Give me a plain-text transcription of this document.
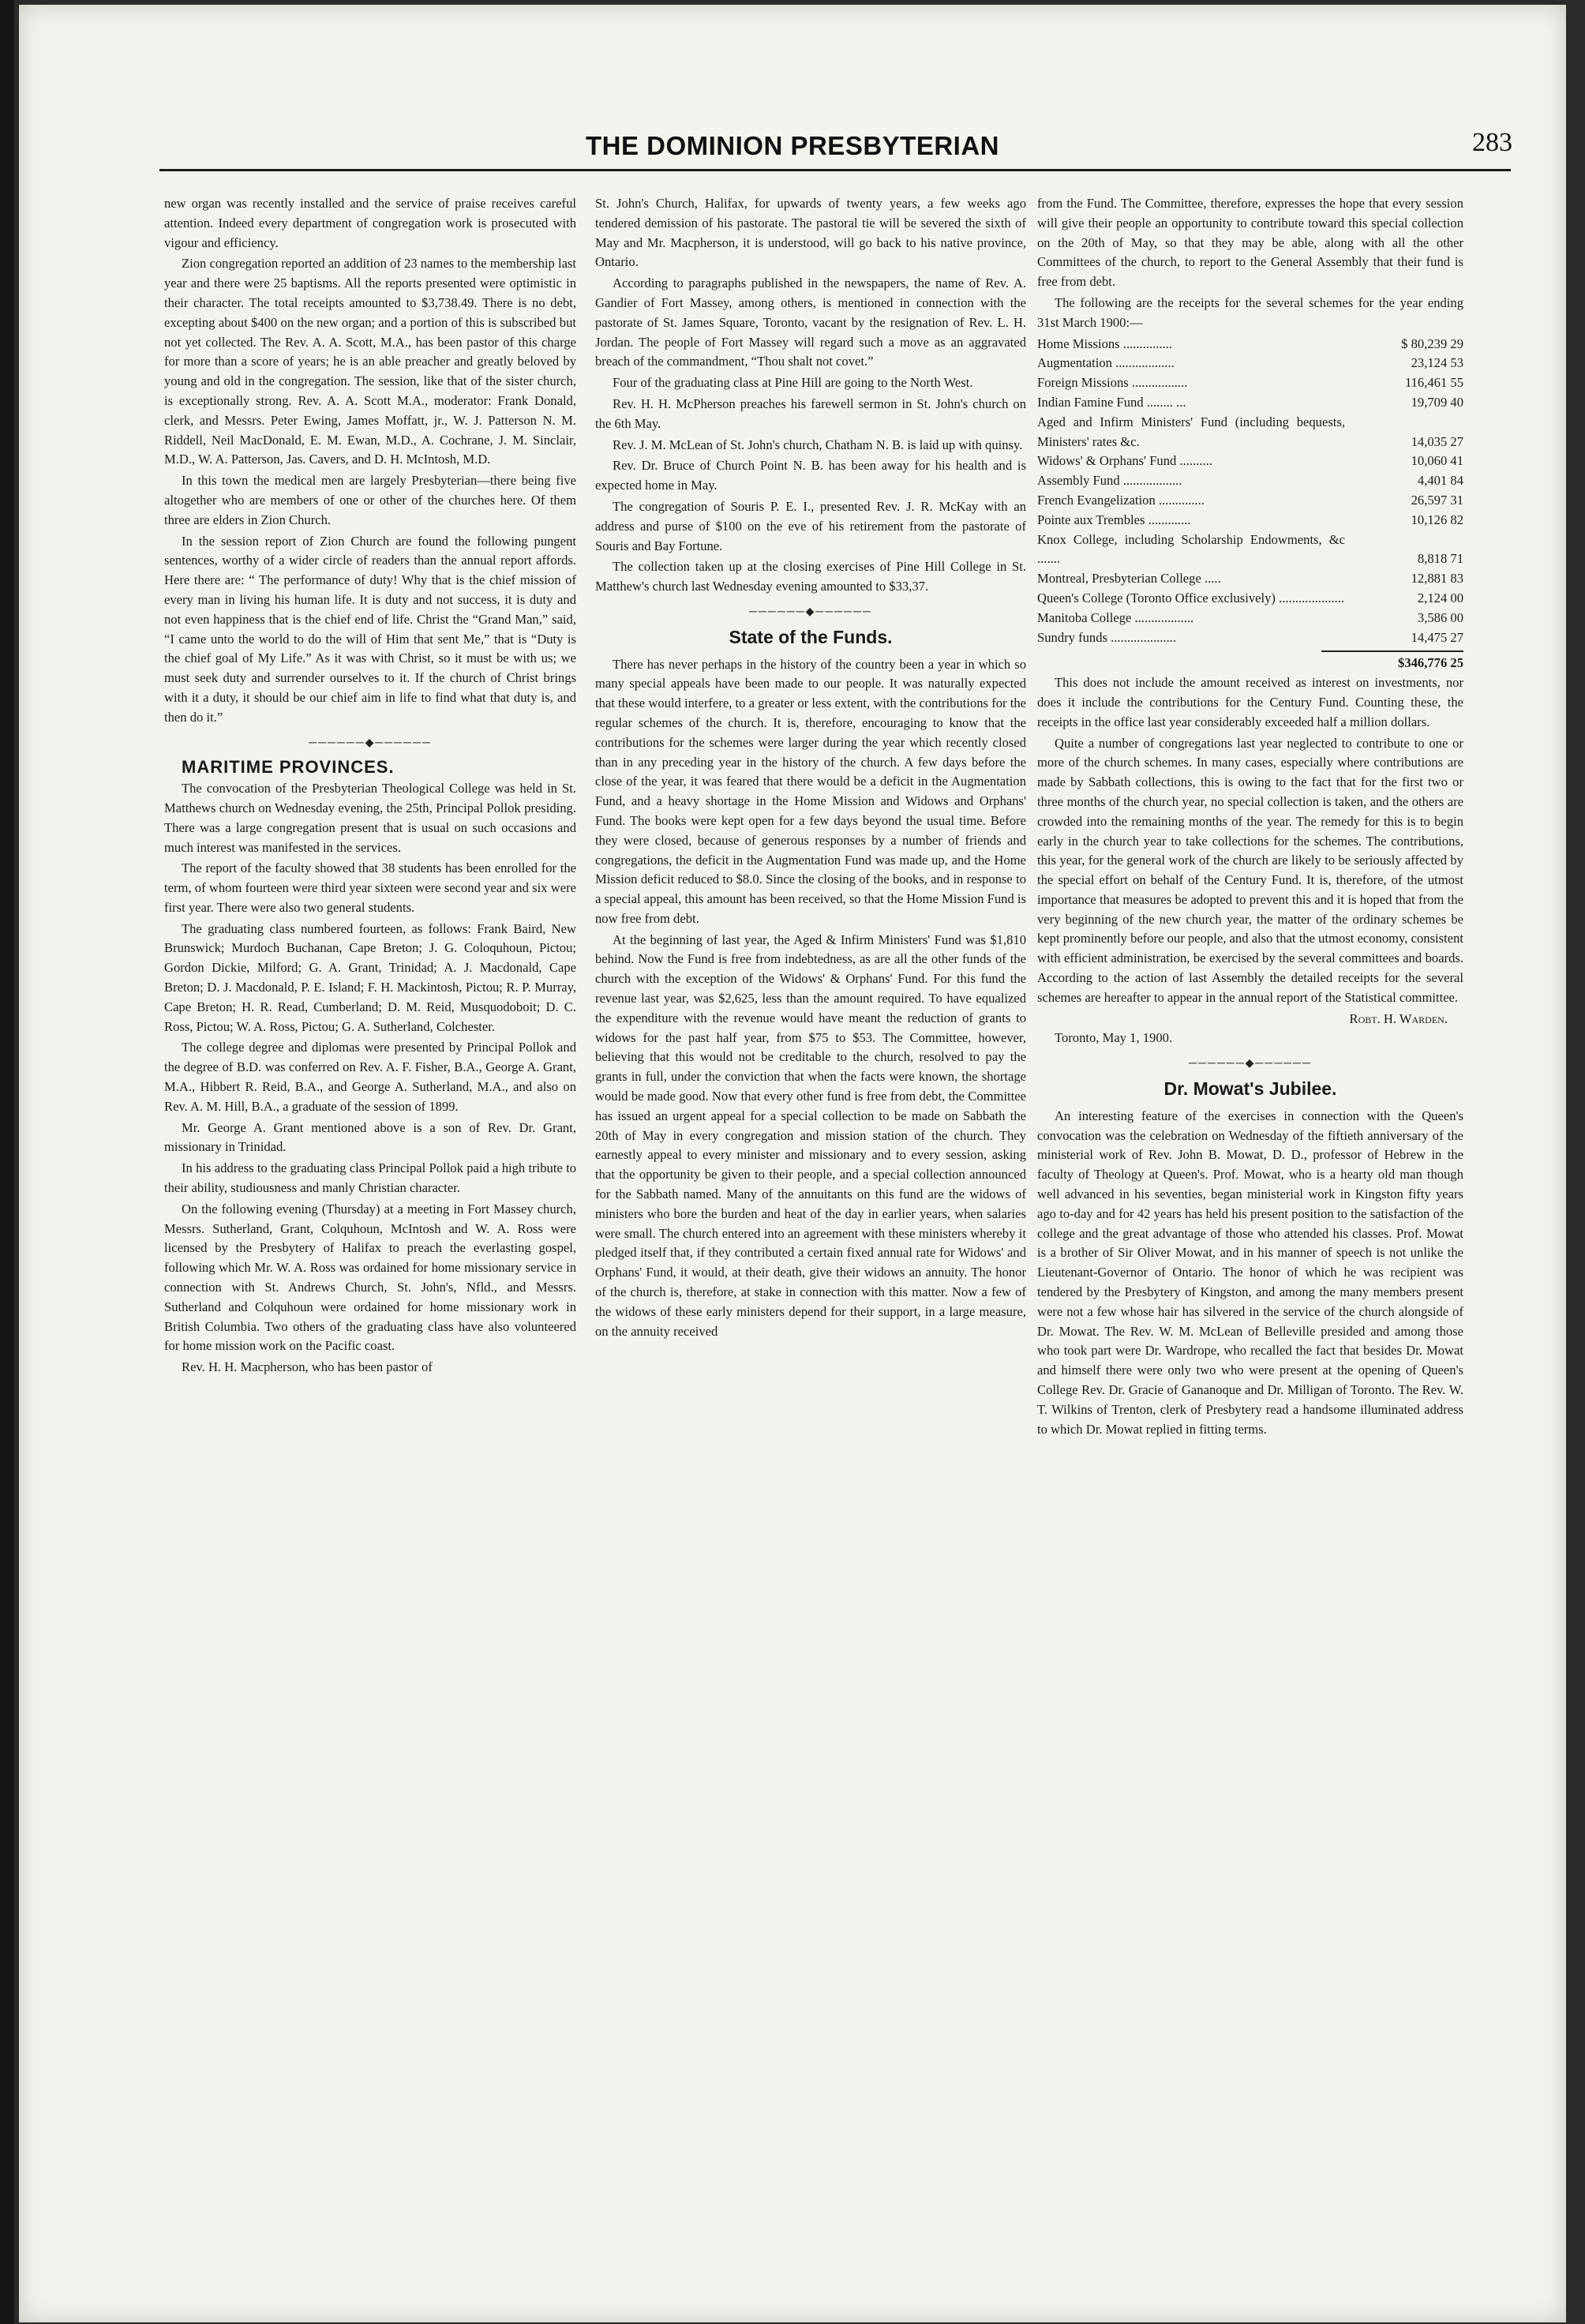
THE DOMINION PRESBYTERIAN	283

new organ was recently installed and the service of praise receives careful attention. Indeed every department of congregation work is prosecuted with vigour and efficiency.

Zion congregation reported an addition of 23 names to the membership last year and there were 25 baptisms. All the reports presented were optimistic in their character. The total receipts amounted to $3,738.49. There is no debt, excepting about $400 on the new organ; and a portion of this is subscribed but not yet collected. The Rev. A. A. Scott, M.A., has been pastor of this charge for more than a score of years; he is an able preacher and greatly beloved by young and old in the congregation. The session, like that of the sister church, is exceptionally strong. Rev. A. A. Scott M.A., moderator: Frank Donald, clerk, and Messrs. Peter Ewing, James Moffatt, jr., W. J. Patterson N. M. Riddell, Neil MacDonald, E. M. Ewan, M.D., A. Cochrane, J. M. Sinclair, M.D., W. A. Patterson, Jas. Cavers, and D. H. McIntosh, M.D.

In this town the medical men are largely Presbyterian—there being five altogether who are members of one or other of the churches here. Of them three are elders in Zion Church.

In the session report of Zion Church are found the following pungent sentences, worthy of a wider circle of readers than the annual report affords. Here there are: “ The performance of duty! Why that is the chief mission of every man in living his human life. It is duty and not success, it is duty and not even happiness that is the chief end of life. Christ the “Grand Man,” said, “I came unto the world to do the will of Him that sent Me,” that is “Duty is the chief goal of My Life.” As it was with Christ, so it must be with us; we must seek duty and surrender ourselves to it. If the church of Christ brings with it a duty, it should be our chief aim in life to find what that duty is, and then do it.”

──────◆──────

MARITIME PROVINCES.

The convocation of the Presbyterian Theological College was held in St. Matthews church on Wednesday evening, the 25th, Principal Pollok presiding. There was a large congregation present that is usual on such occasions and much interest was manifested in the services.

The report of the faculty showed that 38 students has been enrolled for the term, of whom fourteen were third year sixteen were second year and six were first year. There were also two general students.

The graduating class numbered fourteen, as follows: Frank Baird, New Brunswick; Murdoch Buchanan, Cape Breton; J. G. Coloquhoun, Pictou; Gordon Dickie, Milford; G. A. Grant, Trinidad; A. J. Macdonald, Cape Breton; D. J. Macdonald, P. E. Island; F. H. Mackintosh, Pictou; R. P. Murray, Cape Breton; H. R. Read, Cumberland; D. M. Reid, Musquodoboit; D. C. Ross, Pictou; W. A. Ross, Pictou; G. A. Sutherland, Colchester.

The college degree and diplomas were presented by Principal Pollok and the degree of B.D. was conferred on Rev. A. F. Fisher, B.A., George A. Grant, M.A., Hibbert R. Reid, B.A., and George A. Sutherland, M.A., and also on Rev. A. M. Hill, B.A., a graduate of the session of 1899.

Mr. George A. Grant mentioned above is a son of Rev. Dr. Grant, missionary in Trinidad.

In his address to the graduating class Principal Pollok paid a high tribute to their ability, studiousness and manly Christian character.

On the following evening (Thursday) at a meeting in Fort Massey church, Messrs. Sutherland, Grant, Colquhoun, McIntosh and W. A. Ross were licensed by the Presbytery of Halifax to preach the everlasting gospel, following which Mr. W. A. Ross was ordained for home missionary service in connection with St. Andrews Church, St. John's, Nfld., and Messrs. Sutherland and Colquhoun were ordained for home missionary work in British Columbia. Two others of the graduating class have also volunteered for home mission work on the Pacific coast.

Rev. H. H. Macpherson, who has been pastor of

St. John's Church, Halifax, for upwards of twenty years, a few weeks ago tendered demission of his pastorate. The pastoral tie will be severed the sixth of May and Mr. Macpherson, it is understood, will go back to his native province, Ontario.

According to paragraphs published in the newspapers, the name of Rev. A. Gandier of Fort Massey, among others, is mentioned in connection with the pastorate of St. James Square, Toronto, vacant by the resignation of Rev. L. H. Jordan. The people of Fort Massey will regard such a move as an aggravated breach of the commandment, “Thou shalt not covet.”

Four of the graduating class at Pine Hill are going to the North West.

Rev. H. H. McPherson preaches his farewell sermon in St. John's church on the 6th May.

Rev. J. M. McLean of St. John's church, Chatham N. B. is laid up with quinsy.

Rev. Dr. Bruce of Church Point N. B. has been away for his health and is expected home in May.

The congregation of Souris P. E. I., presented Rev. J. R. McKay with an address and purse of $100 on the eve of his retirement from the pastorate of Souris and Bay Fortune.

The collection taken up at the closing exercises of Pine Hill College in St. Matthew's church last Wednesday evening amounted to $33,37.

──────◆──────
State of the Funds.

There has never perhaps in the history of the country been a year in which so many special appeals have been made to our people. It was naturally expected that these would interfere, to a greater or less extent, with the contributions for the regular schemes of the church. It is, therefore, encouraging to know that the contributions for the schemes were larger during the year which recently closed than in any preceding year in the history of the church. A few days before the close of the year, it was feared that there would be a deficit in the Augmentation Fund, and a heavy shortage in the Home Mission and Widows and Orphans' Fund. The books were kept open for a few days beyond the usual time. Before they were closed, because of generous responses by a number of friends and congregations, the deficit in the Augmentation Fund was made up, and the Home Mission deficit reduced to $8.0. Since the closing of the books, and in response to a special appeal, this amount has been received, so that the Home Mission Fund is now free from debt.

At the beginning of last year, the Aged & Infirm Ministers' Fund was $1,810 behind. Now the Fund is free from indebtedness, as are all the other funds of the church with the exception of the Widows' & Orphans' Fund. For this fund the revenue last year, was $2,625, less than the amount required. To have equalized the expenditure with the revenue would have meant the reduction of grants to widows for the past half year, from $75 to $53. The Committee, however, believing that this would not be creditable to the church, resolved to pay the grants in full, under the conviction that when the facts were known, the shortage would be made good. Now that every other fund is free from debt, the Committee has issued an urgent appeal for a special collection to be made on Sabbath the 20th of May in every congregation and mission station of the church. They earnestly appeal to every minister and missionary and to every session, asking that the opportunity be given to their people, and a special collection announced for the Sabbath named. Many of the annuitants on this fund are the widows of ministers who bore the burden and heat of the day in earlier years, when salaries were small. The church entered into an agreement with these ministers whereby it pledged itself that, if they contributed a certain fixed annual rate for Widows' and Orphans' Fund, it would, at their death, give their widows an annuity. The honor of the church is, therefore, at stake in connection with this matter. Now a few of the widows of these early ministers depend for their support, in a large measure, on the annuity received

from the Fund. The Committee, therefore, expresses the hope that every session will give their people an opportunity to contribute toward this special collection on the 20th of May, so that they may be able, along with all the other Committees of the church, to report to the General Assembly that their fund is free from debt.

The following are the receipts for the several schemes for the year ending 31st March 1900:—

Home Missions ...............	$ 80,239 29
Augmentation ..................	23,124 53
Foreign Missions .................	116,461 55
Indian Famine Fund ........ ...	19,709 40
Aged and Infirm Ministers' Fund (including bequests, Ministers' rates &c.	14,035 27
Widows' & Orphans' Fund ..........	10,060 41
Assembly Fund ..................	4,401 84
French Evangelization ..............	26,597 31
Pointe aux Trembles .............	10,126 82
Knox College, including Scholarship Endowments, &c .......	8,818 71
Montreal, Presbyterian College .....	12,881 83
Queen's College (Toronto Office exclusively) ....................	2,124 00
Manitoba College ..................	3,586 00
Sundry funds ....................	14,475 27
$346,776 25

This does not include the amount received as interest on investments, nor does it include the contributions for the Century Fund. Counting these, the receipts in the office last year considerably exceeded half a million dollars.

Quite a number of congregations last year neglected to contribute to one or more of the church schemes. In many cases, especially where contributions are made by Sabbath collections, this is owing to the fact that for the first two or three months of the church year, no special collection is taken, and the others are crowded into the remaining months of the year. The remedy for this is to begin early in the church year to take collections for the schemes. The contributions, this year, for the general work of the church are likely to be seriously affected by the special effort on behalf of the Century Fund. It is, therefore, of the utmost importance that measures be adopted to prevent this and it is hoped that from the very beginning of the new church year, the matter of the ordinary schemes be kept prominently before our people, and also that the utmost economy, consistent with efficient administration, be exercised by the several committees and boards. According to the action of last Assembly the detailed receipts for the several schemes are hereafter to appear in the annual report of the Statistical committee.

Robt. H. Warden.

Toronto, May 1, 1900.

──────◆──────
Dr. Mowat's Jubilee.

An interesting feature of the exercises in connection with the Queen's convocation was the celebration on Wednesday of the fiftieth anniversary of the ministerial work of Rev. John B. Mowat, D. D., professor of Hebrew in the faculty of Theology at Queen's. Prof. Mowat, who is a hearty old man though well advanced in his seventies, began ministerial work in Kingston fifty years ago to-day and for 42 years has held his present position to the satisfaction of the college and the great advantage of those who attended his classes. Prof. Mowat is a brother of Sir Oliver Mowat, and in his manner of speech is not unlike the Lieutenant-Governor of Ontario. The honor of which he was recipient was tendered by the Presbytery of Kingston, and among the many members present were not a few whose hair has silvered in the service of the church alongside of Dr. Mowat. The Rev. W. M. McLean of Belleville presided and among those who took part were Dr. Wardrope, who recalled the fact that besides Dr. Mowat and himself there were only two who were present at the opening of Queen's College Rev. Dr. Gracie of Gananoque and Dr. Milligan of Toronto. The Rev. W. T. Wilkins of Trenton, clerk of Presbytery read a handsome illuminated address to which Dr. Mowat replied in fitting terms.
